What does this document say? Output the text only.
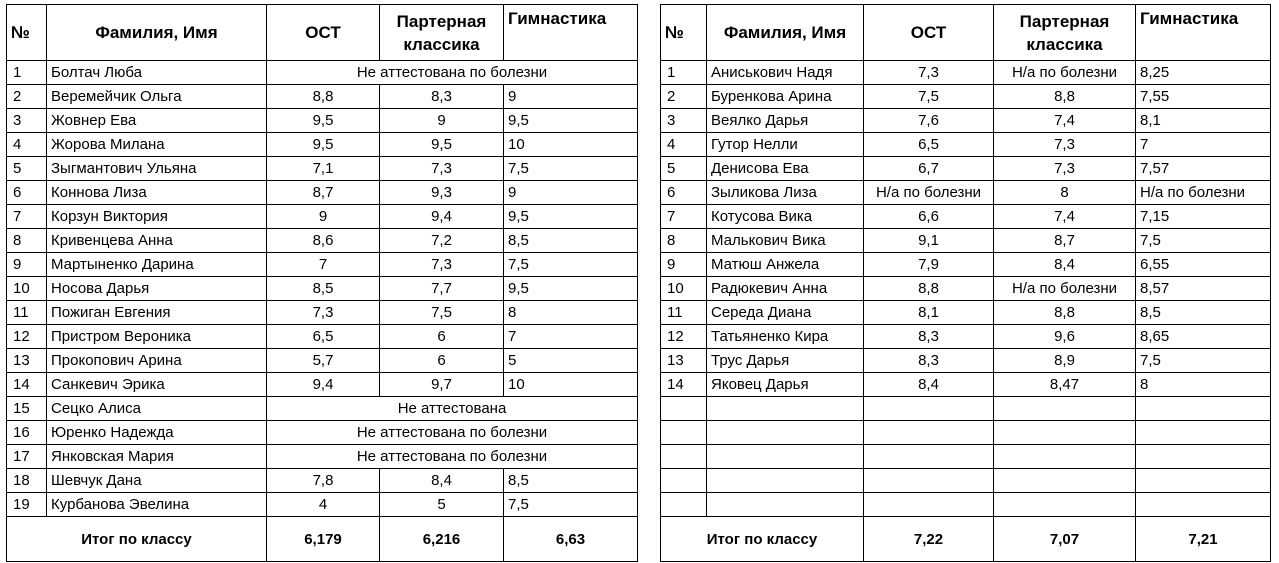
№	Фамилия, Имя	ОСТ	Партерная классика	Гимнастика
1	Болтач Люба	Не аттестована по болезни		
2	Веремейчик Ольга	8,8	8,3	9
3	Жовнер Ева	9,5	9	9,5
4	Жорова Милана	9,5	9,5	10
5	Зыгмантович Ульяна	7,1	7,3	7,5
6	Коннова Лиза	8,7	9,3	9
7	Корзун Виктория	9	9,4	9,5
8	Кривенцева Анна	8,6	7,2	8,5
9	Мартыненко Дарина	7	7,3	7,5
10	Носова Дарья	8,5	7,7	9,5
11	Пожиган Евгения	7,3	7,5	8
12	Пристром Вероника	6,5	6	7
13	Прокопович Арина	5,7	6	5
14	Санкевич Эрика	9,4	9,7	10
15	Сецко Алиса	Не аттестована		
16	Юренко Надежда	Не аттестована по болезни		
17	Янковская Мария	Не аттестована по болезни		
18	Шевчук Дана	7,8	8,4	8,5
19	Курбанова Эвелина	4	5	7,5
Итог по классу		6,179	6,216	6,63
№	Фамилия, Имя	ОСТ	Партерная классика	Гимнастика
1	Аниськович Надя	7,3	Н/а по болезни	8,25
2	Буренкова Арина	7,5	8,8	7,55
3	Веялко Дарья	7,6	7,4	8,1
4	Гутор Нелли	6,5	7,3	7
5	Денисова Ева	6,7	7,3	7,57
6	Зыликова Лиза	Н/а по болезни	8	Н/а по болезни
7	Котусова Вика	6,6	7,4	7,15
8	Малькович Вика	9,1	8,7	7,5
9	Матюш Анжела	7,9	8,4	6,55
10	Радюкевич Анна	8,8	Н/а по болезни	8,57
11	Середа Диана	8,1	8,8	8,5
12	Татьяненко Кира	8,3	9,6	8,65
13	Трус Дарья	8,3	8,9	7,5
14	Яковец Дарья	8,4	8,47	8

Итог по классу		7,22	7,07	7,21
